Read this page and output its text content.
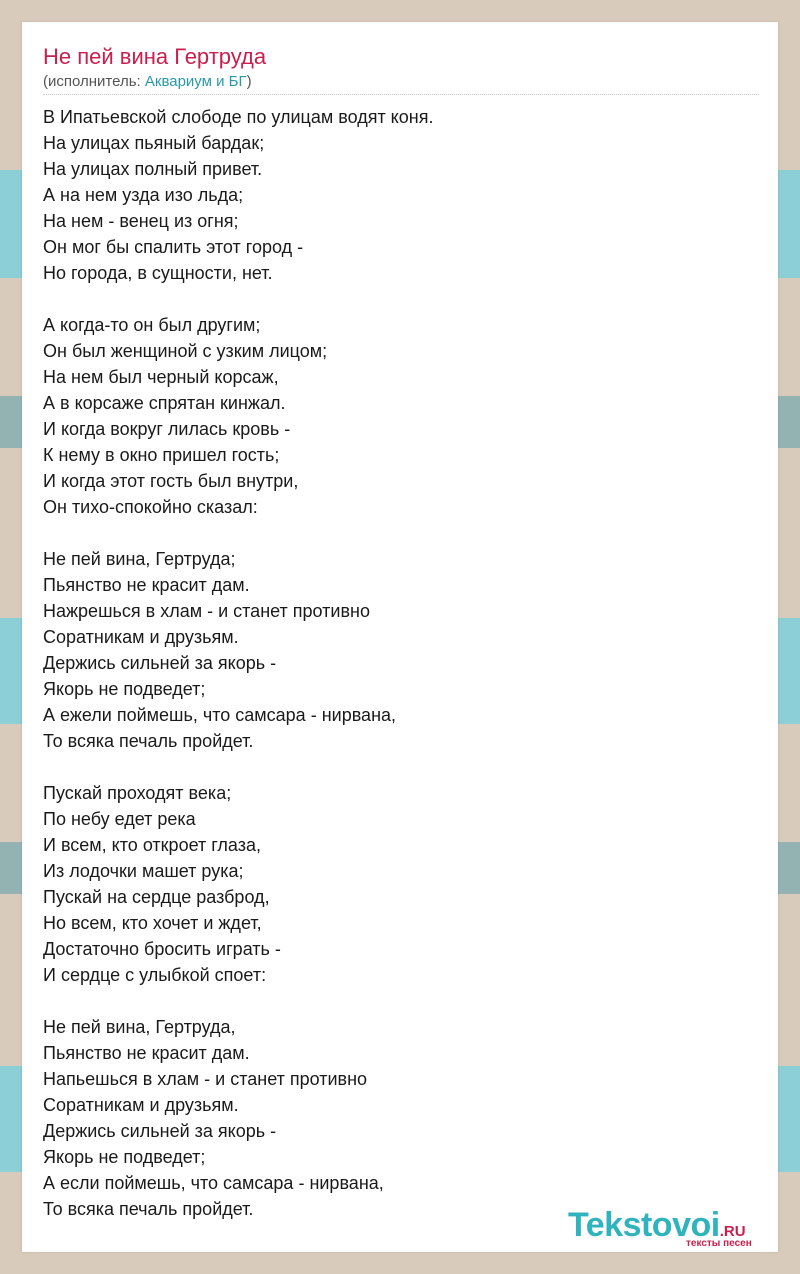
Не пей вина Гертруда
(исполнитель: Аквариум и БГ)
В Ипатьевской слободе по улицам водят коня.
На улицах пьяный бардак;
На улицах полный привет.
А на нем узда изо льда;
На нем - венец из огня;
Он мог бы спалить этот город -
Но города, в сущности, нет.
А когда-то он был другим;
Он был женщиной с узким лицом;
На нем был черный корсаж,
А в корсаже спрятан кинжал.
И когда вокруг лилась кровь -
К нему в окно пришел гость;
И когда этот гость был внутри,
Он тихо-спокойно сказал:
Не пей вина, Гертруда;
Пьянство не красит дам.
Нажрешься в хлам - и станет противно
Соратникам и друзьям.
Держись сильней за якорь -
Якорь не подведет;
А ежели поймешь, что самсара - нирвана,
То всяка печаль пройдет.
Пускай проходят века;
По небу едет река
И всем, кто откроет глаза,
Из лодочки машет рука;
Пускай на сердце разброд,
Но всем, кто хочет и ждет,
Достаточно бросить играть -
И сердце с улыбкой споет:
Не пей вина, Гертруда,
Пьянство не красит дам.
Напьешься в хлам - и станет противно
Соратникам и друзьям.
Держись сильней за якорь -
Якорь не подведет;
А если поймешь, что самсара - нирвана,
То всяка печаль пройдет.	Tekstovoi.RU
тексты песен
